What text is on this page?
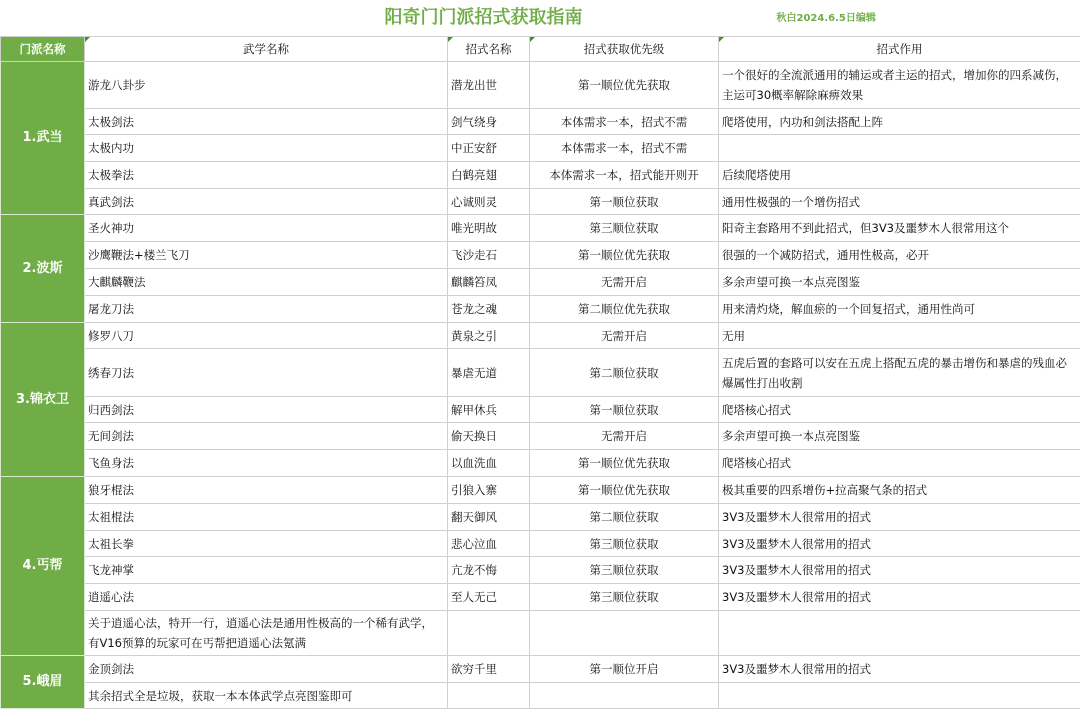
阳奇门门派招式获取指南 秋白2024.6.5日编辑				

门派名称	武学名称	招式名称	招式获取优先级	招式作用
1.武当	游龙八卦步	潜龙出世	第一顺位优先获取	一个很好的全流派通用的辅运或者主运的招式，增加你的四系减伤，主运可30概率解除麻痹效果
	太极剑法	剑气绕身	本体需求一本，招式不需	爬塔使用，内功和剑法搭配上阵
	太极内功	中正安舒	本体需求一本，招式不需	
	太极拳法	白鹤亮翅	本体需求一本，招式能开则开	后续爬塔使用
	真武剑法	心诚则灵	第一顺位获取	通用性极强的一个增伤招式
2.波斯	圣火神功	唯光明故	第三顺位获取	阳奇主套路用不到此招式，但3V3及噩梦木人很常用这个
	沙鹰鞭法+楼兰飞刀	飞沙走石	第一顺位优先获取	很强的一个减防招式，通用性极高，必开
	大麒麟鞭法	麒麟笞凤	无需开启	多余声望可换一本点亮图鉴
	屠龙刀法	苍龙之魂	第二顺位优先获取	用来清灼烧，解血瘀的一个回复招式，通用性尚可
3.锦衣卫	修罗八刀	黄泉之引	无需开启	无用
	绣春刀法	暴虐无道	第二顺位获取	五虎后置的套路可以安在五虎上搭配五虎的暴击增伤和暴虐的残血必爆属性打出收割
	归西剑法	解甲休兵	第一顺位获取	爬塔核心招式
	无间剑法	偷天换日	无需开启	多余声望可换一本点亮图鉴
	飞鱼身法	以血洗血	第一顺位优先获取	爬塔核心招式
4.丐帮	狼牙棍法	引狼入寨	第一顺位优先获取	极其重要的四系增伤+拉高聚气条的招式
	太祖棍法	翻天御风	第二顺位获取	3V3及噩梦木人很常用的招式
	太祖长拳	悲心泣血	第三顺位获取	3V3及噩梦木人很常用的招式
	飞龙神掌	亢龙不悔	第三顺位获取	3V3及噩梦木人很常用的招式
	逍遥心法	至人无己	第三顺位获取	3V3及噩梦木人很常用的招式
	关于逍遥心法，特开一行，逍遥心法是通用性极高的一个稀有武学，有V16预算的玩家可在丐帮把逍遥心法氪满			
5.峨眉	金顶剑法	欲穷千里	第一顺位开启	3V3及噩梦木人很常用的招式
	其余招式全是垃圾，获取一本本体武学点亮图鉴即可			
